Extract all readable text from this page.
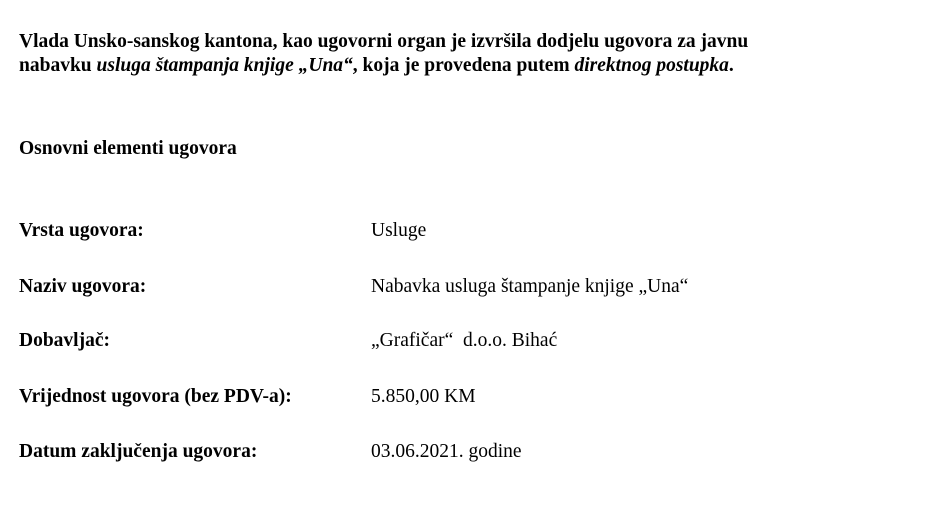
Vlada Unsko-sanskog kantona, kao ugovorni organ je izvršila dodjelu ugovora za javnu
nabavku usluga štampanja knjige „Una“, koja je provedena putem direktnog postupka.
Osnovni elementi ugovora
Vrsta ugovora:	Usluge
Naziv ugovora:	Nabavka usluga štampanje knjige „Una“
Dobavljač:	„Grafičar“  d.o.o. Bihać
Vrijednost ugovora (bez PDV-a):	5.850,00 KM
Datum zaključenja ugovora:	03.06.2021. godine
